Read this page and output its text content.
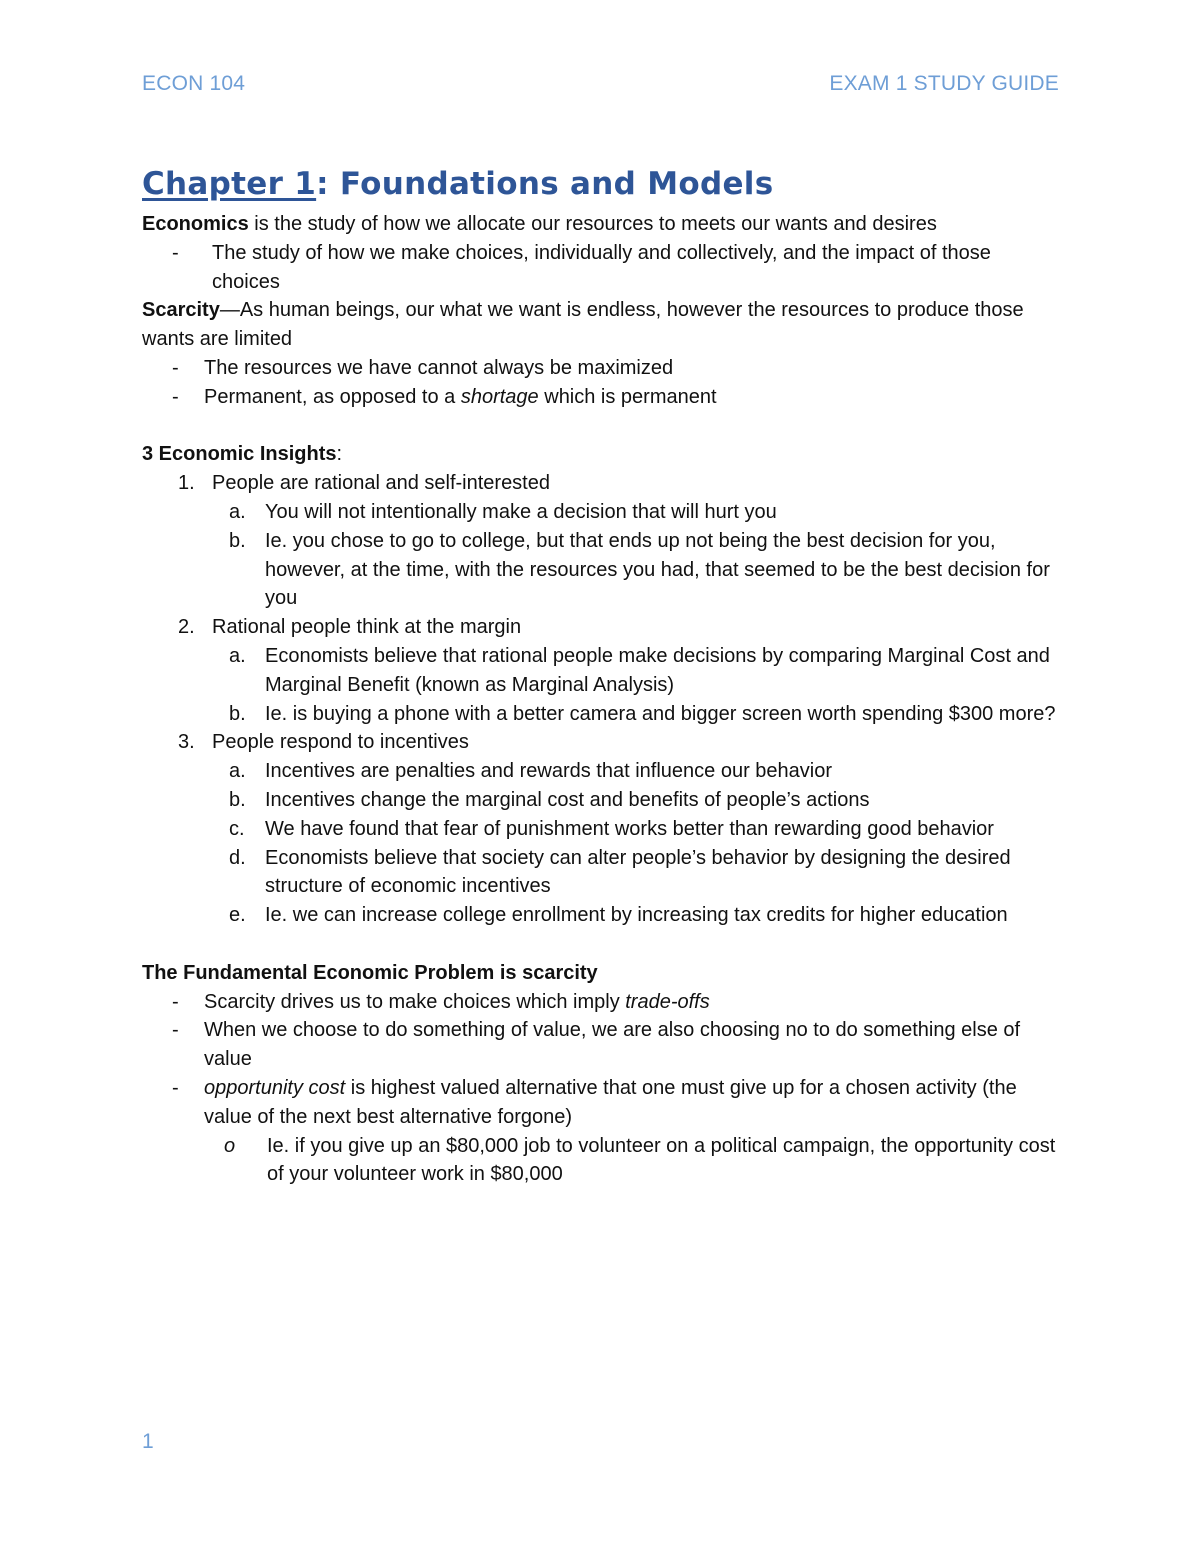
ECON 104	EXAM 1 STUDY GUIDE
Chapter 1: Foundations and Models

Economics is the study of how we allocate our resources to meets our wants and desires

-	The study of how we make choices, individually and collectively, and the impact of those choices

Scarcity—As human beings, our what we want is endless, however the resources to produce those wants are limited

-	The resources we have cannot always be maximized
-	Permanent, as opposed to a shortage which is permanent

3 Economic Insights:

1. People are rational and self-interested
a. You will not intentionally make a decision that will hurt you
b. Ie. you chose to go to college, but that ends up not being the best decision for you, however, at the time, with the resources you had, that seemed to be the best decision for you
2. Rational people think at the margin
a. Economists believe that rational people make decisions by comparing Marginal Cost and Marginal Benefit (known as Marginal Analysis)
b. Ie. is buying a phone with a better camera and bigger screen worth spending $300 more?
3. People respond to incentives
a. Incentives are penalties and rewards that influence our behavior
b. Incentives change the marginal cost and benefits of people’s actions
c.	We have found that fear of punishment works better than rewarding good behavior
d. Economists believe that society can alter people’s behavior by designing the desired structure of economic incentives
e. Ie. we can increase college enrollment by increasing tax credits for higher education

The Fundamental Economic Problem is scarcity

-	Scarcity drives us to make choices which imply trade-offs
-	When we choose to do something of value, we are also choosing no to do something else of value
-	opportunity cost is highest valued alternative that one must give up for a chosen activity (the value of the next best alternative forgone)
o	Ie. if you give up an $80,000 job to volunteer on a political campaign, the opportunity cost of your volunteer work in $80,000
1
